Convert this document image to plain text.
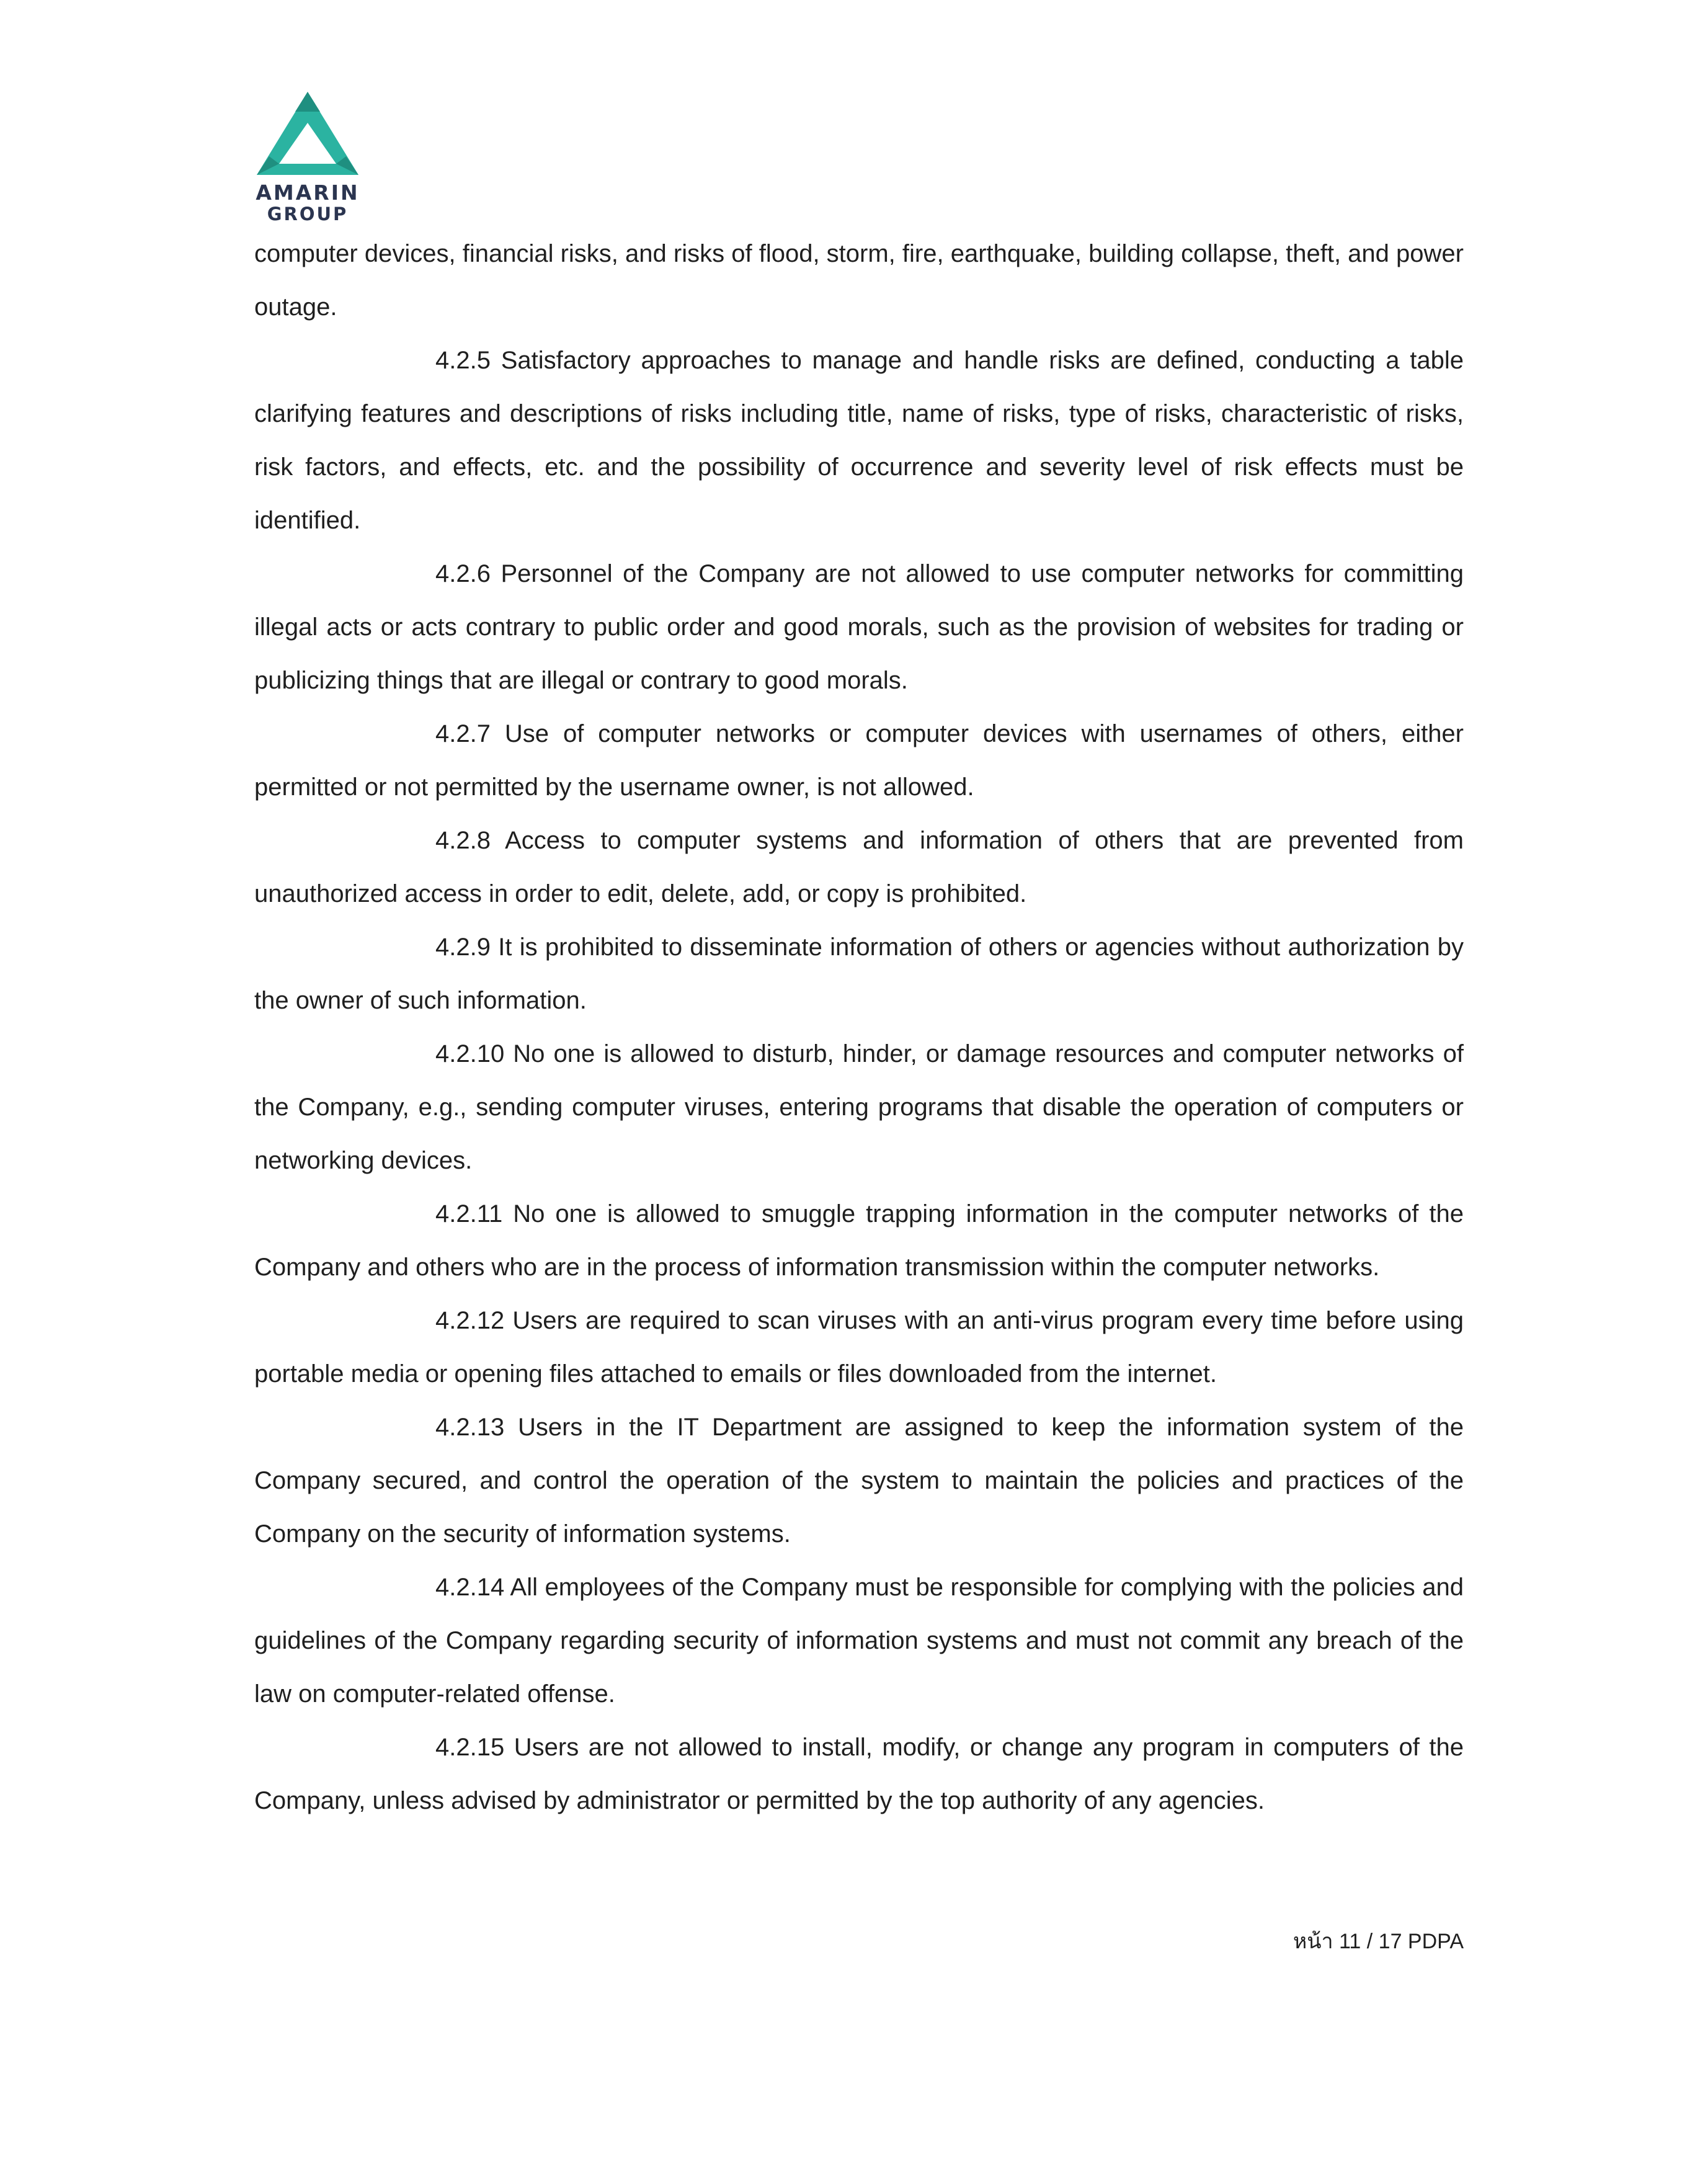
AMARIN
GROUP

computer devices, financial risks, and risks of flood, storm, fire, earthquake, building collapse, theft, and power outage.

4.2.5 Satisfactory approaches to manage and handle risks are defined, conducting a table clarifying features and descriptions of risks including title, name of risks, type of risks, characteristic of risks, risk factors, and effects, etc. and the possibility of occurrence and severity level of risk effects must be identified.

4.2.6 Personnel of the Company are not allowed to use computer networks for committing illegal acts or acts contrary to public order and good morals, such as the provision of websites for trading or publicizing things that are illegal or contrary to good morals.

4.2.7 Use of computer networks or computer devices with usernames of others, either permitted or not permitted by the username owner, is not allowed.

4.2.8 Access to computer systems and information of others that are prevented from unauthorized access in order to edit, delete, add, or copy is prohibited.

4.2.9 It is prohibited to disseminate information of others or agencies without authorization by the owner of such information.

4.2.10 No one is allowed to disturb, hinder, or damage resources and computer networks of the Company, e.g., sending computer viruses, entering programs that disable the operation of computers or networking devices.

4.2.11 No one is allowed to smuggle trapping information in the computer networks of the Company and others who are in the process of information transmission within the computer networks.

4.2.12 Users are required to scan viruses with an anti-virus program every time before using portable media or opening files attached to emails or files downloaded from the internet.

4.2.13 Users in the IT Department are assigned to keep the information system of the Company secured, and control the operation of the system to maintain the policies and practices of the Company on the security of information systems.

4.2.14 All employees of the Company must be responsible for complying with the policies and guidelines of the Company regarding security of information systems and must not commit any breach of the law on computer-related offense.

4.2.15 Users are not allowed to install, modify, or change any program in computers of the Company, unless advised by administrator or permitted by the top authority of any agencies.

หน้า 11 / 17 PDPA
